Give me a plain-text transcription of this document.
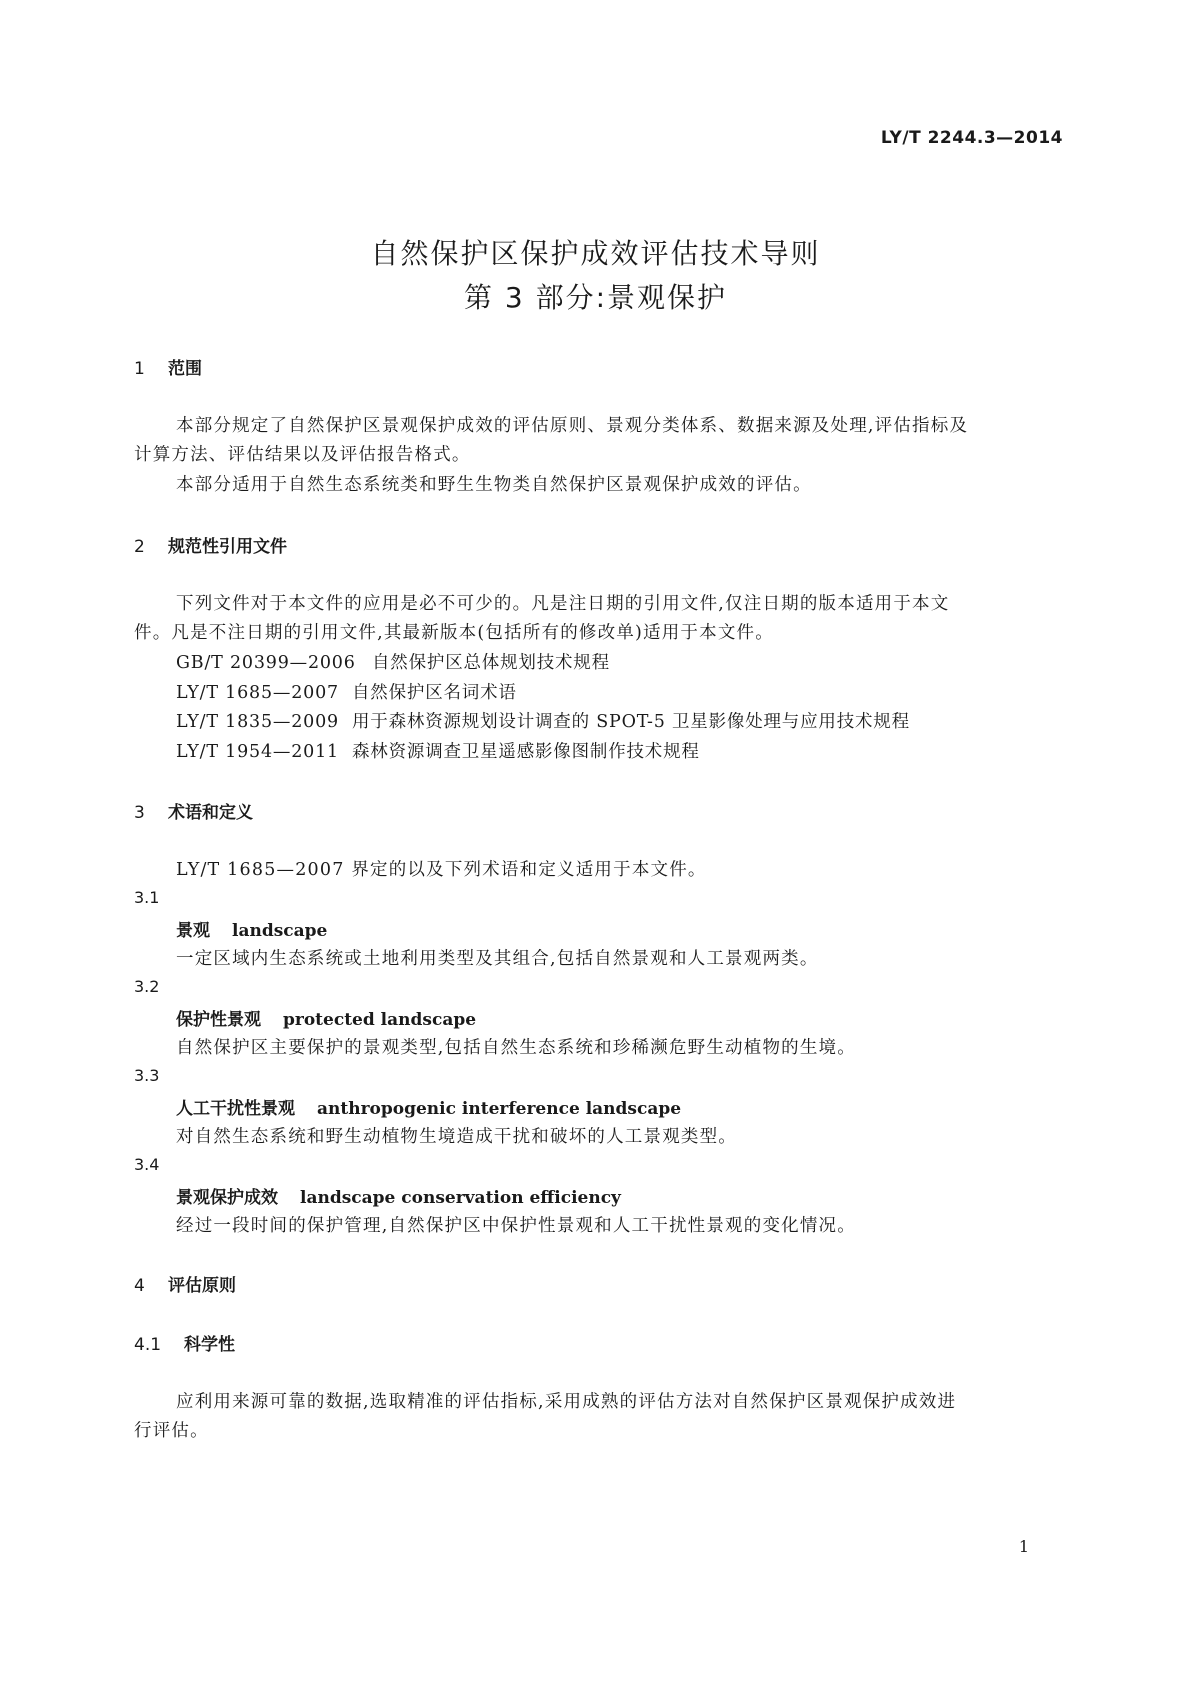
LY/T 2244.3—2014
自然保护区保护成效评估技术导则
第 3 部分:景观保护
1 范围
本部分规定了自然保护区景观保护成效的评估原则、景观分类体系、数据来源及处理,评估指标及
计算方法、评估结果以及评估报告格式。
本部分适用于自然生态系统类和野生生物类自然保护区景观保护成效的评估。
2 规范性引用文件
下列文件对于本文件的应用是必不可少的。凡是注日期的引用文件,仅注日期的版本适用于本文
件。凡是不注日期的引用文件,其最新版本(包括所有的修改单)适用于本文件。
GB/T 20399—2006 自然保护区总体规划技术规程
LY/T 1685—2007 自然保护区名词术语
LY/T 1835—2009 用于森林资源规划设计调查的 SPOT-5 卫星影像处理与应用技术规程
LY/T 1954—2011 森林资源调查卫星遥感影像图制作技术规程
3 术语和定义
LY/T 1685—2007 界定的以及下列术语和定义适用于本文件。
3.1
景观 landscape
一定区域内生态系统或土地利用类型及其组合,包括自然景观和人工景观两类。
3.2
保护性景观 protected landscape
自然保护区主要保护的景观类型,包括自然生态系统和珍稀濒危野生动植物的生境。
3.3
人工干扰性景观 anthropogenic interference landscape
对自然生态系统和野生动植物生境造成干扰和破坏的人工景观类型。
3.4
景观保护成效 landscape conservation efficiency
经过一段时间的保护管理,自然保护区中保护性景观和人工干扰性景观的变化情况。
4 评估原则
4.1 科学性
应利用来源可靠的数据,选取精准的评估指标,采用成熟的评估方法对自然保护区景观保护成效进
行评估。
1
